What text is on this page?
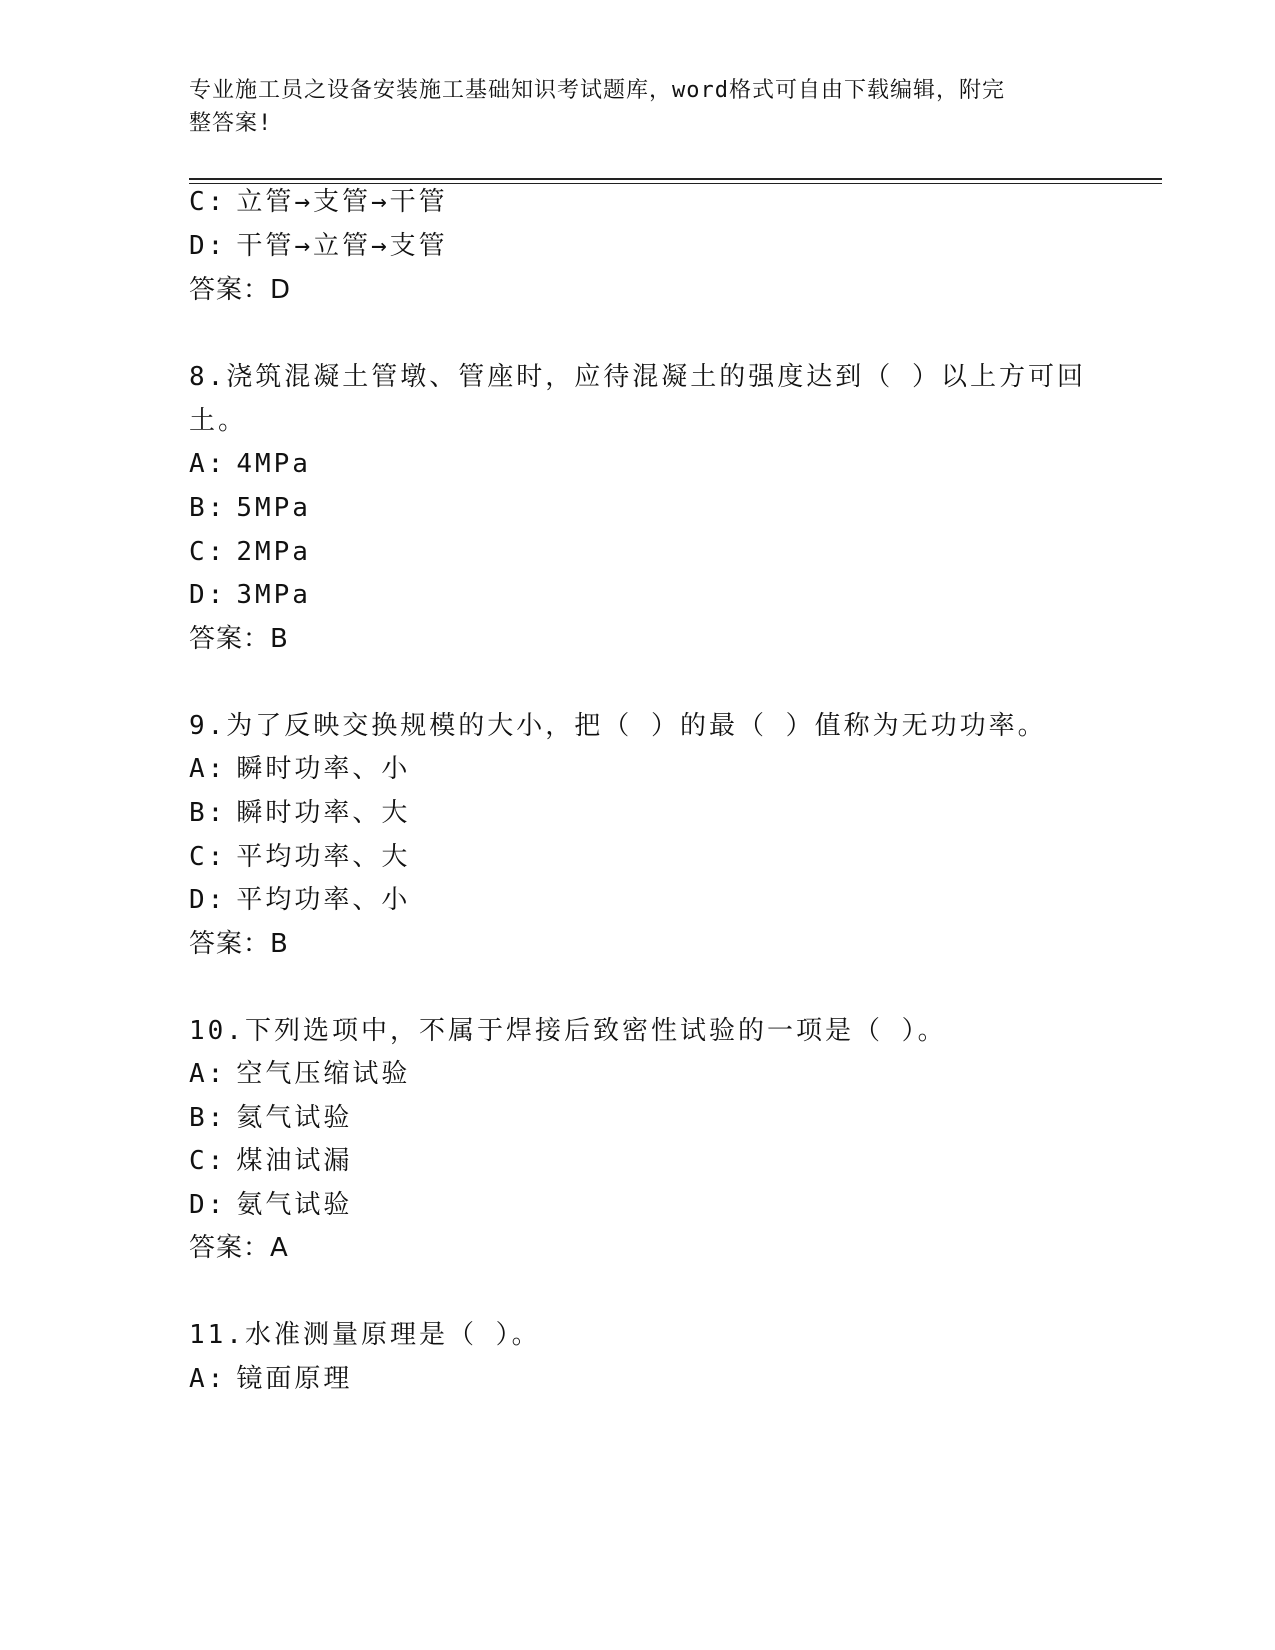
专业施工员之设备安装施工基础知识考试题库，word格式可自由下载编辑，附完
整答案!
C: 立管→支管→干管
D: 干管→立管→支管
答案：D
8.浇筑混凝土管墩、管座时，应待混凝土的强度达到（ ）以上方可回
土。
A: 4MPa
B: 5MPa
C: 2MPa
D: 3MPa
答案：B
9.为了反映交换规模的大小，把（ ）的最（ ）值称为无功功率。
A: 瞬时功率、小
B: 瞬时功率、大
C: 平均功率、大
D: 平均功率、小
答案：B
10.下列选项中，不属于焊接后致密性试验的一项是（ ）。
A: 空气压缩试验
B: 氦气试验
C: 煤油试漏
D: 氨气试验
答案：A
11.水准测量原理是（ ）。
A: 镜面原理
